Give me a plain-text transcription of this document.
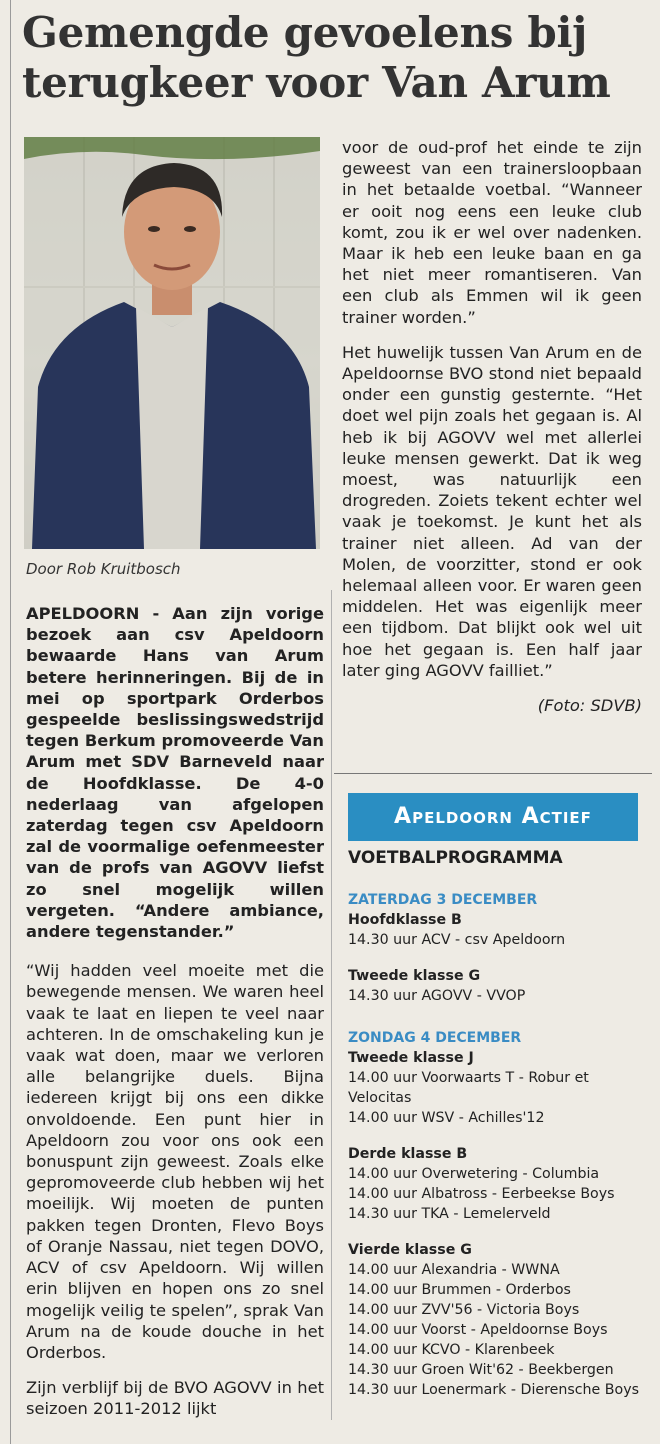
Gemengde gevoelens bij terugkeer voor Van Arum
Door Rob Kruitbosch

APELDOORN - Aan zijn vorige bezoek aan csv Apeldoorn bewaarde Hans van Arum betere herinneringen. Bij de in mei op sportpark Orderbos gespeelde beslissingswedstrijd tegen Berkum promoveerde Van Arum met SDV Barneveld naar de Hoofdklasse. De 4-0 nederlaag van afgelopen zaterdag tegen csv Apeldoorn zal de voormalige oefenmeester van de profs van AGOVV liefst zo snel mogelijk willen vergeten. “Andere ambiance, andere tegenstander.”

“Wij hadden veel moeite met die bewegende mensen. We waren heel vaak te laat en liepen te veel naar achteren. In de omschakeling kun je vaak wat doen, maar we verloren alle belangrijke duels. Bijna iedereen krijgt bij ons een dikke onvoldoende. Een punt hier in Apeldoorn zou voor ons ook een bonuspunt zijn geweest. Zoals elke gepromoveerde club hebben wij het moeilijk. Wij moeten de punten pakken tegen Dronten, Flevo Boys of Oranje Nassau, niet tegen DOVO, ACV of csv Apeldoorn. Wij willen erin blijven en hopen ons zo snel mogelijk veilig te spelen”, sprak Van Arum na de koude douche in het Orderbos.

Zijn verblijf bij de BVO AGOVV in het seizoen 2011-2012 lijkt

voor de oud-prof het einde te zijn geweest van een trainersloopbaan in het betaalde voetbal. “Wanneer er ooit nog eens een leuke club komt, zou ik er wel over nadenken. Maar ik heb een leuke baan en ga het niet meer romantiseren. Van een club als Emmen wil ik geen trainer worden.”

Het huwelijk tussen Van Arum en de Apeldoornse BVO stond niet bepaald onder een gunstig gesternte. “Het doet wel pijn zoals het gegaan is. Al heb ik bij AGOVV wel met allerlei leuke mensen gewerkt. Dat ik weg moest, was natuurlijk een drogreden. Zoiets tekent echter wel vaak je toekomst. Je kunt het als trainer niet alleen. Ad van der Molen, de voorzitter, stond er ook helemaal alleen voor. Er waren geen middelen. Het was eigenlijk meer een tijdbom. Dat blijkt ook wel uit hoe het gegaan is. Een half jaar later ging AGOVV failliet.”

(Foto: SDVB)

Apeldoorn Actief
VOETBALPROGRAMMA
ZATERDAG 3 DECEMBER
Hoofdklasse B
14.30 uur ACV - csv Apeldoorn
Tweede klasse G
14.30 uur AGOVV - VVOP
ZONDAG 4 DECEMBER
Tweede klasse J
14.00 uur Voorwaarts T - Robur et Velocitas
14.00 uur WSV - Achilles'12
Derde klasse B
14.00 uur Overwetering - Columbia
14.00 uur Albatross - Eerbeekse Boys
14.30 uur TKA - Lemelerveld
Vierde klasse G
14.00 uur Alexandria - WWNA
14.00 uur Brummen - Orderbos
14.00 uur ZVV'56 - Victoria Boys
14.00 uur Voorst - Apeldoornse Boys
14.00 uur KCVO - Klarenbeek
14.30 uur Groen Wit'62 - Beekbergen
14.30 uur Loenermark - Dierensche Boys
